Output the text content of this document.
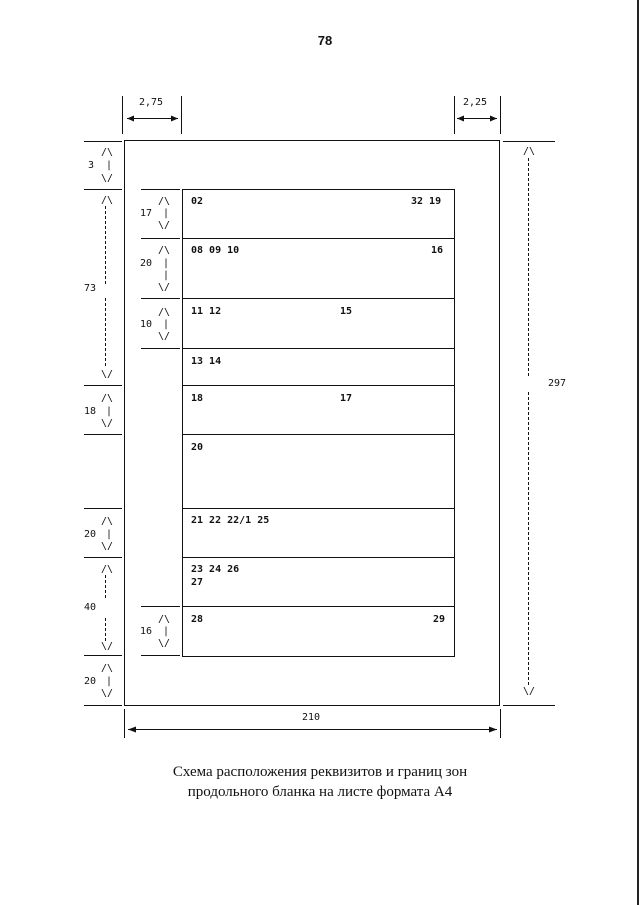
78
2,75	2,25
210
297
/\
\/
/\
3 |
\/
/\
73
\/
/\
18 |
\/
/\
20 |
\/
/\
40
\/
/\
20 |
\/
/\
17 |
\/
/\
20 |
|
\/
/\
10 |
\/
/\
16 |
\/
02	32 19
08 09 10	16
11 12	15
13 14
18	17
20
21 22 22/1 25
23 24 26
27
28	29
Схема расположения реквизитов и границ зон
продольного бланка на листе формата А4
